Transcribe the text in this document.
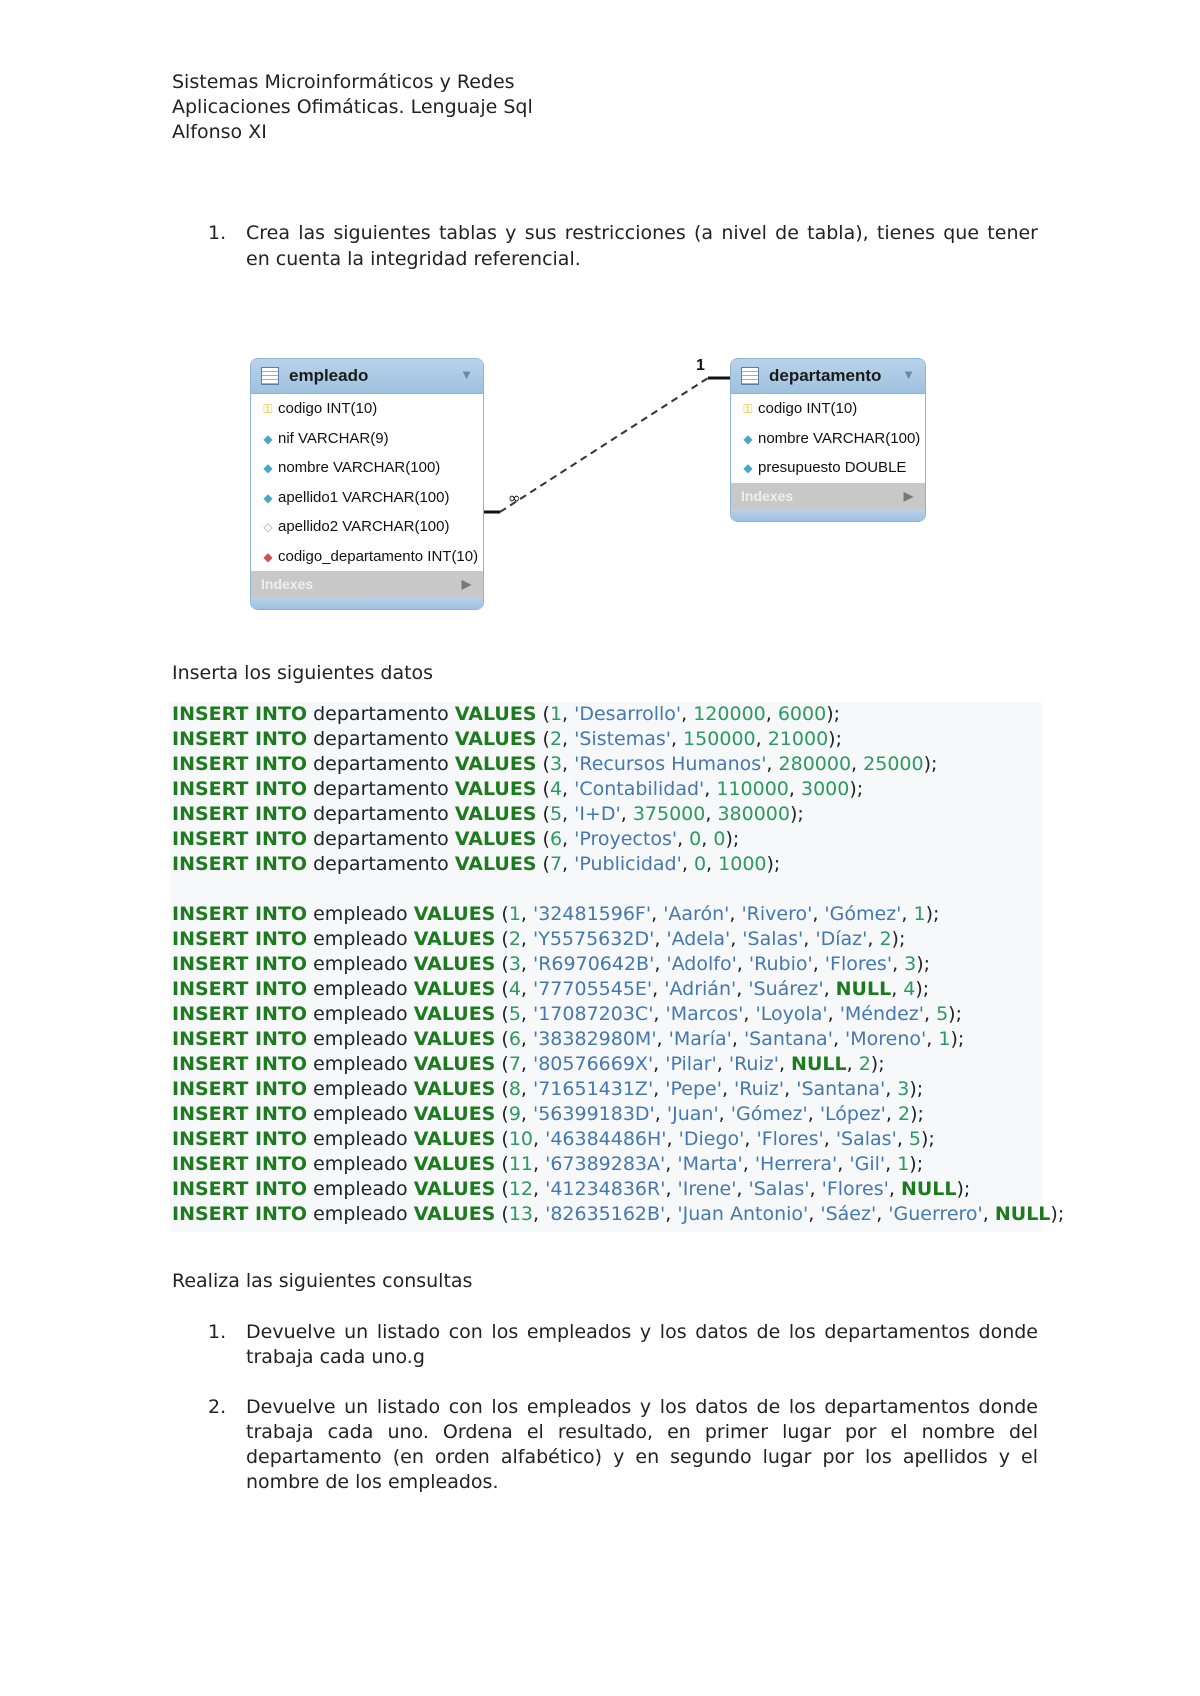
Sistemas Microinformáticos y Redes
Aplicaciones Ofimáticas. Lenguaje Sql
Alfonso XI
1. Crea las siguientes tablas y sus restricciones (a nivel de tabla), tienes que tener en cuenta la integridad referencial.
1
∞
empleado	▼
⚿ codigo INT(10)
◆ nif VARCHAR(9)
◆ nombre VARCHAR(100)
◆ apellido1 VARCHAR(100)
◇ apellido2 VARCHAR(100)
◆ codigo_departamento INT(10)
Indexes	▶
departamento ▼
⚿ codigo INT(10)
◆ nombre VARCHAR(100)
◆ presupuesto DOUBLE
Indexes	▶
Inserta los siguientes datos
INSERT INTO departamento VALUES (1, 'Desarrollo', 120000, 6000);
INSERT INTO departamento VALUES (2, 'Sistemas', 150000, 21000);
INSERT INTO departamento VALUES (3, 'Recursos Humanos', 280000, 25000);
INSERT INTO departamento VALUES (4, 'Contabilidad', 110000, 3000);
INSERT INTO departamento VALUES (5, 'I+D', 375000, 380000);
INSERT INTO departamento VALUES (6, 'Proyectos', 0, 0);
INSERT INTO departamento VALUES (7, 'Publicidad', 0, 1000);
INSERT INTO empleado VALUES (1, '32481596F', 'Aarón', 'Rivero', 'Gómez', 1);
INSERT INTO empleado VALUES (2, 'Y5575632D', 'Adela', 'Salas', 'Díaz', 2);
INSERT INTO empleado VALUES (3, 'R6970642B', 'Adolfo', 'Rubio', 'Flores', 3);
INSERT INTO empleado VALUES (4, '77705545E', 'Adrián', 'Suárez', NULL, 4);
INSERT INTO empleado VALUES (5, '17087203C', 'Marcos', 'Loyola', 'Méndez', 5);
INSERT INTO empleado VALUES (6, '38382980M', 'María', 'Santana', 'Moreno', 1);
INSERT INTO empleado VALUES (7, '80576669X', 'Pilar', 'Ruiz', NULL, 2);
INSERT INTO empleado VALUES (8, '71651431Z', 'Pepe', 'Ruiz', 'Santana', 3);
INSERT INTO empleado VALUES (9, '56399183D', 'Juan', 'Gómez', 'López', 2);
INSERT INTO empleado VALUES (10, '46384486H', 'Diego', 'Flores', 'Salas', 5);
INSERT INTO empleado VALUES (11, '67389283A', 'Marta', 'Herrera', 'Gil', 1);
INSERT INTO empleado VALUES (12, '41234836R', 'Irene', 'Salas', 'Flores', NULL);
INSERT INTO empleado VALUES (13, '82635162B', 'Juan Antonio', 'Sáez', 'Guerrero', NULL);
Realiza las siguientes consultas
1. Devuelve un listado con los empleados y los datos de los departamentos donde trabaja cada uno.g
2. Devuelve un listado con los empleados y los datos de los departamentos donde trabaja cada uno. Ordena el resultado, en primer lugar por el nombre del departamento (en orden alfabético) y en segundo lugar por los apellidos y el nombre de los empleados.
